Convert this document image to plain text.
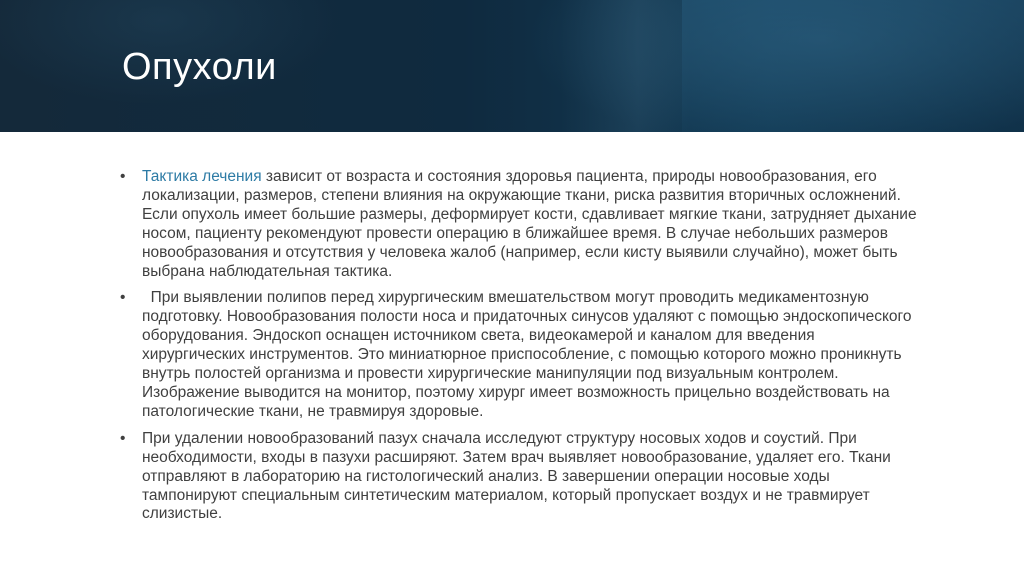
Опухоли
• Тактика лечения зависит от возраста и состояния здоровья пациента, природы новообразования, его локализации, размеров, степени влияния на окружающие ткани, риска развития вторичных осложнений. Если опухоль имеет большие размеры, деформирует кости, сдавливает мягкие ткани, затрудняет дыхание носом, пациенту рекомендуют провести операцию в ближайшее время. В случае небольших размеров новообразования и отсутствия у человека жалоб (например, если кисту выявили случайно), может быть выбрана наблюдательная тактика.
• При выявлении полипов перед хирургическим вмешательством могут проводить медикаментозную подготовку. Новообразования полости носа и придаточных синусов удаляют с помощью эндоскопического оборудования. Эндоскоп оснащен источником света, видеокамерой и каналом для введения хирургических инструментов. Это миниатюрное приспособление, с помощью которого можно проникнуть внутрь полостей организма и провести хирургические манипуляции под визуальным контролем. Изображение выводится на монитор, поэтому хирург имеет возможность прицельно воздействовать на патологические ткани, не травмируя здоровые.
• При удалении новообразований пазух сначала исследуют структуру носовых ходов и соустий. При необходимости, входы в пазухи расширяют. Затем врач выявляет новообразование, удаляет его. Ткани отправляют в лабораторию на гистологический анализ. В завершении операции носовые ходы тампонируют специальным синтетическим материалом, который пропускает воздух и не травмирует слизистые.
